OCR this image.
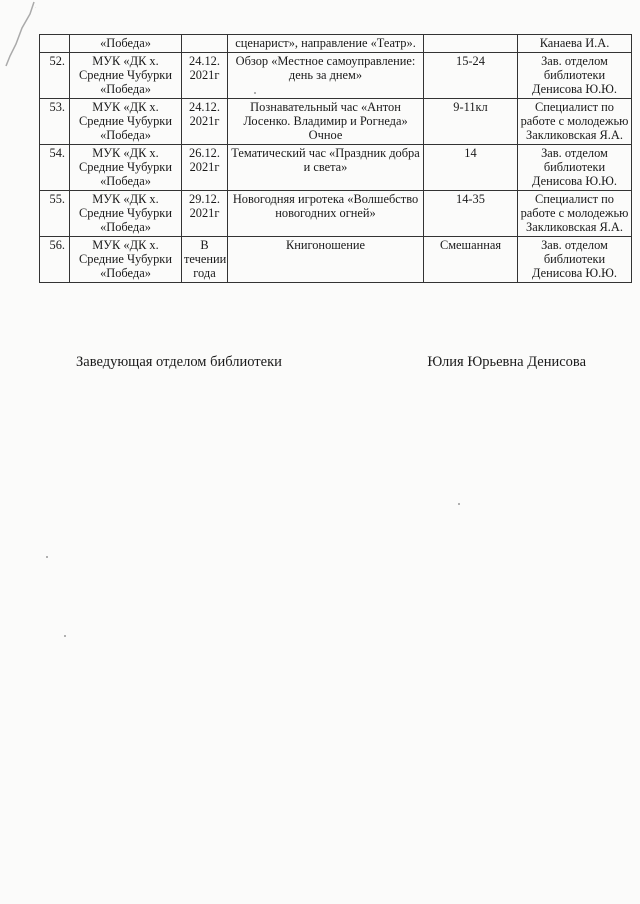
	«Победа»		сценарист», направление «Театр».		Канаева И.А.
52.	МУК «ДК х. Средние Чубурки «Победа»	24.12. 2021г	Обзор «Местное самоуправление: день за днем»	15-24	Зав. отделом библиотеки Денисова Ю.Ю.
53.	МУК «ДК х. Средние Чубурки «Победа»	24.12. 2021г	Познавательный час «Антон Лосенко. Владимир и Рогнеда» Очное	9-11кл	Специалист по работе с молодежью Закликовская Я.А.
54.	МУК «ДК х. Средние Чубурки «Победа»	26.12. 2021г	Тематический час «Праздник добра и света»	14	Зав. отделом библиотеки Денисова Ю.Ю.
55.	МУК «ДК х. Средние Чубурки «Победа»	29.12. 2021г	Новогодняя игротека «Волшебство новогодних огней»	14-35	Специалист по работе с молодежью Закликовская Я.А.
56.	МУК «ДК х. Средние Чубурки «Победа»	В течении года	Книгоношение	Смешанная	Зав. отделом библиотеки Денисова Ю.Ю.
Заведующая отделом библиотеки	Юлия Юрьевна Денисова
